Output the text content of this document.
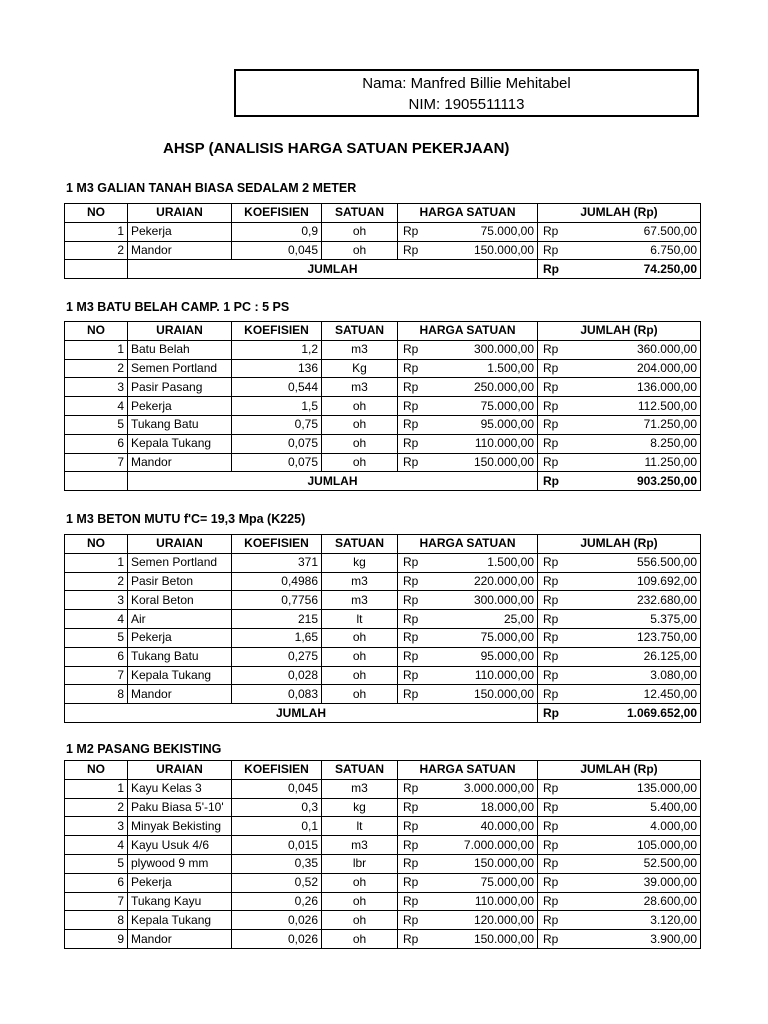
Nama: Manfred Billie Mehitabel
NIM: 1905511113
AHSP (ANALISIS HARGA SATUAN PEKERJAAN)
1 M3 GALIAN TANAH BIASA SEDALAM 2 METER
NO	URAIAN	KOEFISIEN	SATUAN	HARGA SATUAN		JUMLAH (Rp)	
1	Pekerja	0,9	oh	Rp	75.000,00	Rp	67.500,00
2	Mandor	0,045	oh	Rp	150.000,00	Rp	6.750,00
	JUMLAH					Rp	74.250,00
1 M3 BATU BELAH CAMP. 1 PC : 5 PS
NO	URAIAN	KOEFISIEN	SATUAN	HARGA SATUAN		JUMLAH (Rp)	
1	Batu Belah	1,2	m3	Rp	300.000,00	Rp	360.000,00
2	Semen Portland	136	Kg	Rp	1.500,00	Rp	204.000,00
3	Pasir Pasang	0,544	m3	Rp	250.000,00	Rp	136.000,00
4	Pekerja	1,5	oh	Rp	75.000,00	Rp	112.500,00
5	Tukang Batu	0,75	oh	Rp	95.000,00	Rp	71.250,00
6	Kepala Tukang	0,075	oh	Rp	110.000,00	Rp	8.250,00
7	Mandor	0,075	oh	Rp	150.000,00	Rp	11.250,00
	JUMLAH					Rp	903.250,00
1 M3 BETON MUTU f'C= 19,3 Mpa (K225)
NO	URAIAN	KOEFISIEN	SATUAN	HARGA SATUAN		JUMLAH (Rp)	
1	Semen Portland	371	kg	Rp	1.500,00	Rp	556.500,00
2	Pasir Beton	0,4986	m3	Rp	220.000,00	Rp	109.692,00
3	Koral Beton	0,7756	m3	Rp	300.000,00	Rp	232.680,00
4	Air	215	lt	Rp	25,00	Rp	5.375,00
5	Pekerja	1,65	oh	Rp	75.000,00	Rp	123.750,00
6	Tukang Batu	0,275	oh	Rp	95.000,00	Rp	26.125,00
7	Kepala Tukang	0,028	oh	Rp	110.000,00	Rp	3.080,00
8	Mandor	0,083	oh	Rp	150.000,00	Rp	12.450,00
JUMLAH						Rp	1.069.652,00
1 M2 PASANG BEKISTING
NO	URAIAN	KOEFISIEN	SATUAN	HARGA SATUAN		JUMLAH (Rp)	
1	Kayu Kelas 3	0,045	m3	Rp	3.000.000,00	Rp	135.000,00
2	Paku Biasa 5'-10'	0,3	kg	Rp	18.000,00	Rp	5.400,00
3	Minyak Bekisting	0,1	lt	Rp	40.000,00	Rp	4.000,00
4	Kayu Usuk 4/6	0,015	m3	Rp	7.000.000,00	Rp	105.000,00
5	plywood 9 mm	0,35	lbr	Rp	150.000,00	Rp	52.500,00
6	Pekerja	0,52	oh	Rp	75.000,00	Rp	39.000,00
7	Tukang Kayu	0,26	oh	Rp	110.000,00	Rp	28.600,00
8	Kepala Tukang	0,026	oh	Rp	120.000,00	Rp	3.120,00
9	Mandor	0,026	oh	Rp	150.000,00	Rp	3.900,00
